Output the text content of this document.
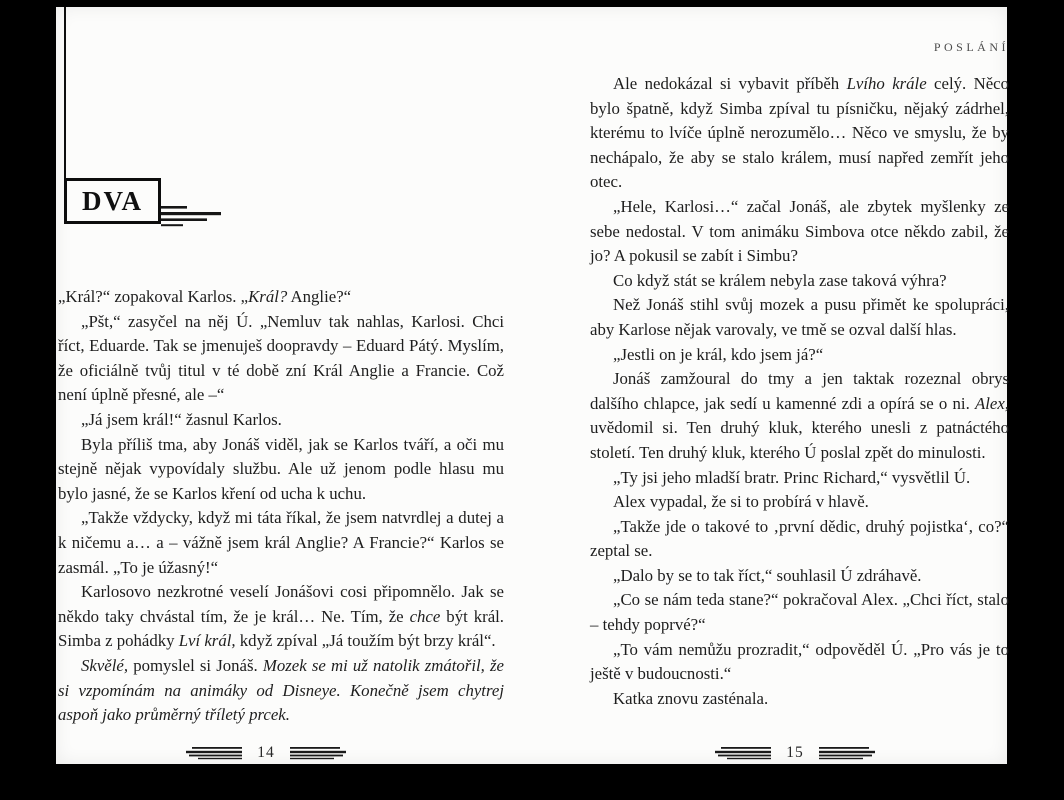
DVA

„Král?“ zopakoval Karlos. „Král? Anglie?“

„Pšt,“ zasyčel na něj Ú. „Nemluv tak nahlas, Karlosi. Chci říct, Eduarde. Tak se jmenuješ doopravdy – Eduard Pátý. Myslím, že oficiálně tvůj titul v té době zní Král Anglie a Francie. Což není úplně přesné, ale –“

„Já jsem král!“ žasnul Karlos.

Byla příliš tma, aby Jonáš viděl, jak se Karlos tváří, a oči mu stejně nějak vypovídaly službu. Ale už jenom podle hlasu mu bylo jasné, že se Karlos kření od ucha k uchu.

„Takže vždycky, když mi táta říkal, že jsem natvrdlej a dutej a k ničemu a… a – vážně jsem král Anglie? A Francie?“ Karlos se zasmál. „To je úžasný!“

Karlosovo nezkrotné veselí Jonášovi cosi připomnělo. Jak se někdo taky chvástal tím, že je král… Ne. Tím, že chce být král. Simba z pohádky Lví král, když zpíval „Já toužím být brzy král“.

Skvělé, pomyslel si Jonáš. Mozek se mi už natolik zmátořil, že si vzpomínám na animáky od Disneye. Konečně jsem chytrej aspoň jako průměrný tříletý prcek.

14
POSLÁNÍ

Ale nedokázal si vybavit příběh Lvího krále celý. Něco bylo špatně, když Simba zpíval tu písničku, nějaký zádrhel, kterému to lvíče úplně nerozumělo… Něco ve smyslu, že by nechápalo, že aby se stalo králem, musí napřed zemřít jeho otec.

„Hele, Karlosi…“ začal Jonáš, ale zbytek myšlenky ze sebe nedostal. V tom animáku Simbova otce někdo zabil, že jo? A pokusil se zabít i Simbu?

Co když stát se králem nebyla zase taková výhra?

Než Jonáš stihl svůj mozek a pusu přimět ke spolupráci, aby Karlose nějak varovaly, ve tmě se ozval další hlas.

„Jestli on je král, kdo jsem já?“

Jonáš zamžoural do tmy a jen taktak rozeznal obrys dalšího chlapce, jak sedí u kamenné zdi a opírá se o ni. Alex, uvědomil si. Ten druhý kluk, kterého unesli z patnáctého století. Ten druhý kluk, kterého Ú poslal zpět do minulosti.

„Ty jsi jeho mladší bratr. Princ Richard,“ vysvětlil Ú.

Alex vypadal, že si to probírá v hlavě.

„Takže jde o takové to ‚první dědic, druhý pojistka‘, co?“ zeptal se.

„Dalo by se to tak říct,“ souhlasil Ú zdráhavě.

„Co se nám teda stane?“ pokračoval Alex. „Chci říct, stalo – tehdy poprvé?“

„To vám nemůžu prozradit,“ odpověděl Ú. „Pro vás je to ještě v budoucnosti.“

Katka znovu zasténala.

15
